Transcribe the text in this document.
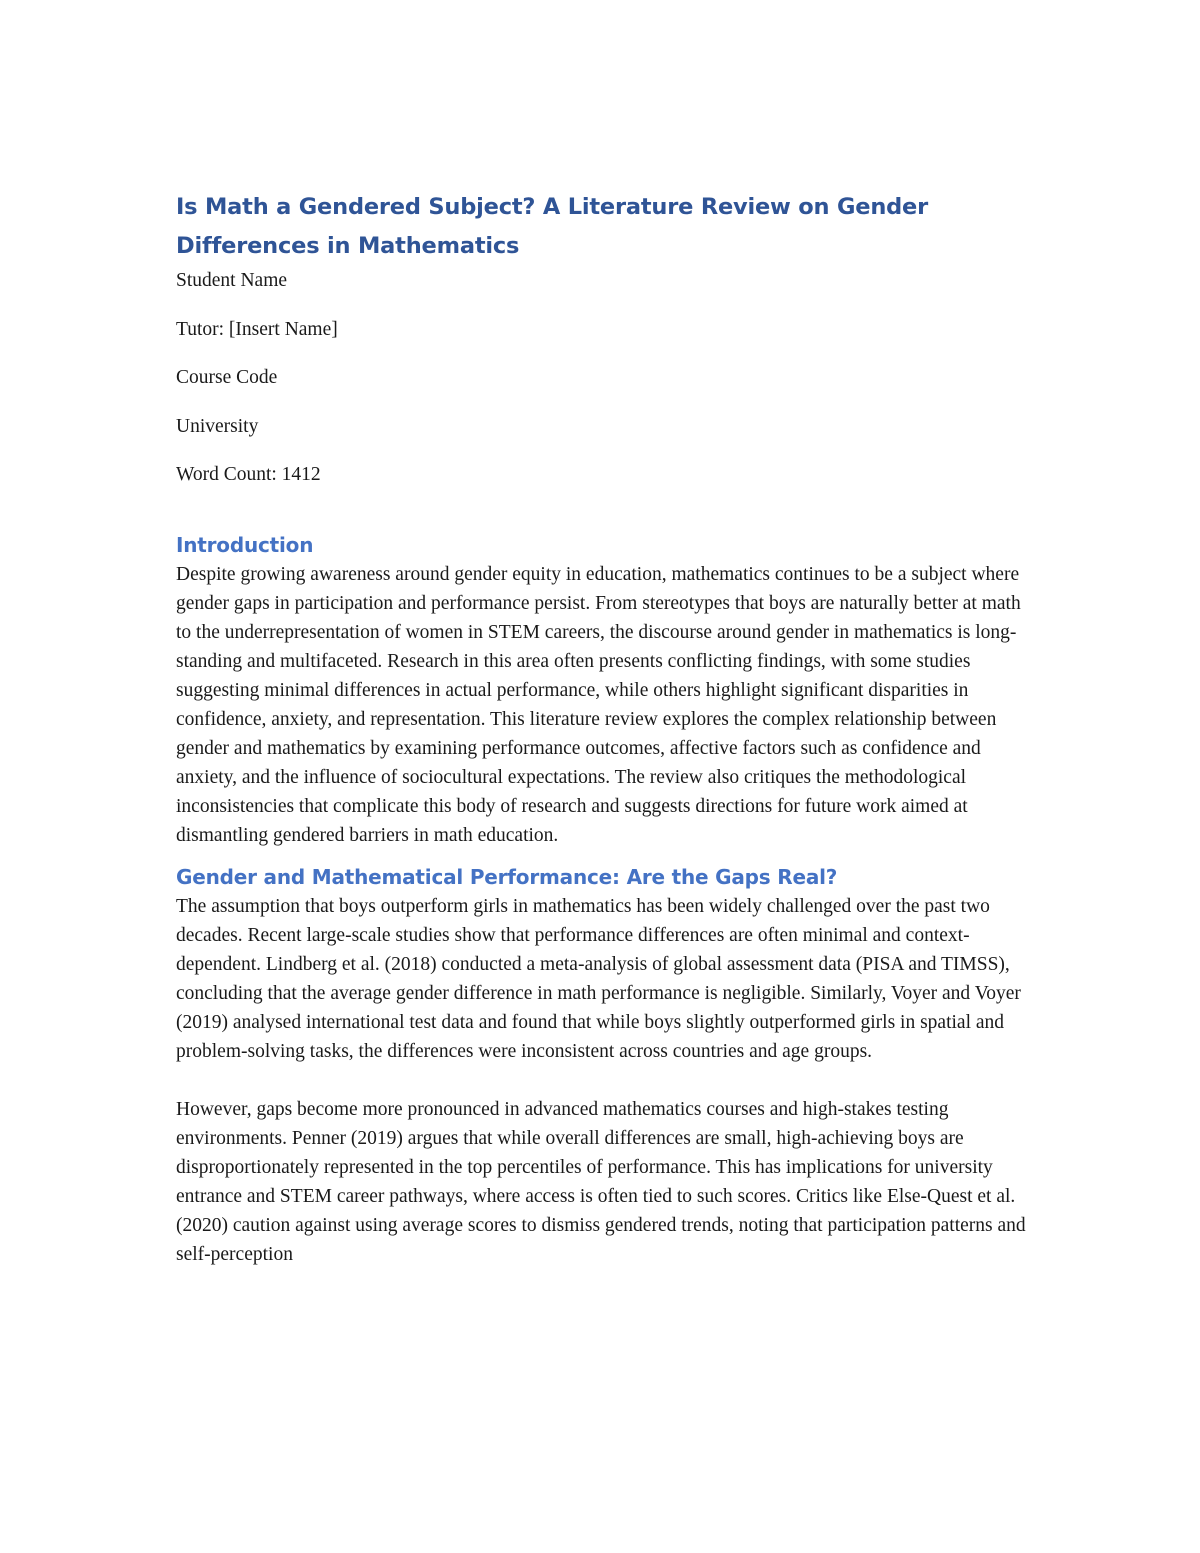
Is Math a Gendered Subject? A Literature Review on Gender Differences in Mathematics
Student Name
Tutor: [Insert Name]
Course Code
University
Word Count: 1412
Introduction

Despite growing awareness around gender equity in education, mathematics continues to be a subject where gender gaps in participation and performance persist. From stereotypes that boys are naturally better at math to the underrepresentation of women in STEM careers, the discourse around gender in mathematics is long-standing and multifaceted. Research in this area often presents conflicting findings, with some studies suggesting minimal differences in actual performance, while others highlight significant disparities in confidence, anxiety, and representation. This literature review explores the complex relationship between gender and mathematics by examining performance outcomes, affective factors such as confidence and anxiety, and the influence of sociocultural expectations. The review also critiques the methodological inconsistencies that complicate this body of research and suggests directions for future work aimed at dismantling gendered barriers in math education.

Gender and Mathematical Performance: Are the Gaps Real?

The assumption that boys outperform girls in mathematics has been widely challenged over the past two decades. Recent large-scale studies show that performance differences are often minimal and context-dependent. Lindberg et al. (2018) conducted a meta-analysis of global assessment data (PISA and TIMSS), concluding that the average gender difference in math performance is negligible. Similarly, Voyer and Voyer (2019) analysed international test data and found that while boys slightly outperformed girls in spatial and problem-solving tasks, the differences were inconsistent across countries and age groups.

However, gaps become more pronounced in advanced mathematics courses and high-stakes testing environments. Penner (2019) argues that while overall differences are small, high-achieving boys are disproportionately represented in the top percentiles of performance. This has implications for university entrance and STEM career pathways, where access is often tied to such scores. Critics like Else-Quest et al. (2020) caution against using average scores to dismiss gendered trends, noting that participation patterns and self-perception
